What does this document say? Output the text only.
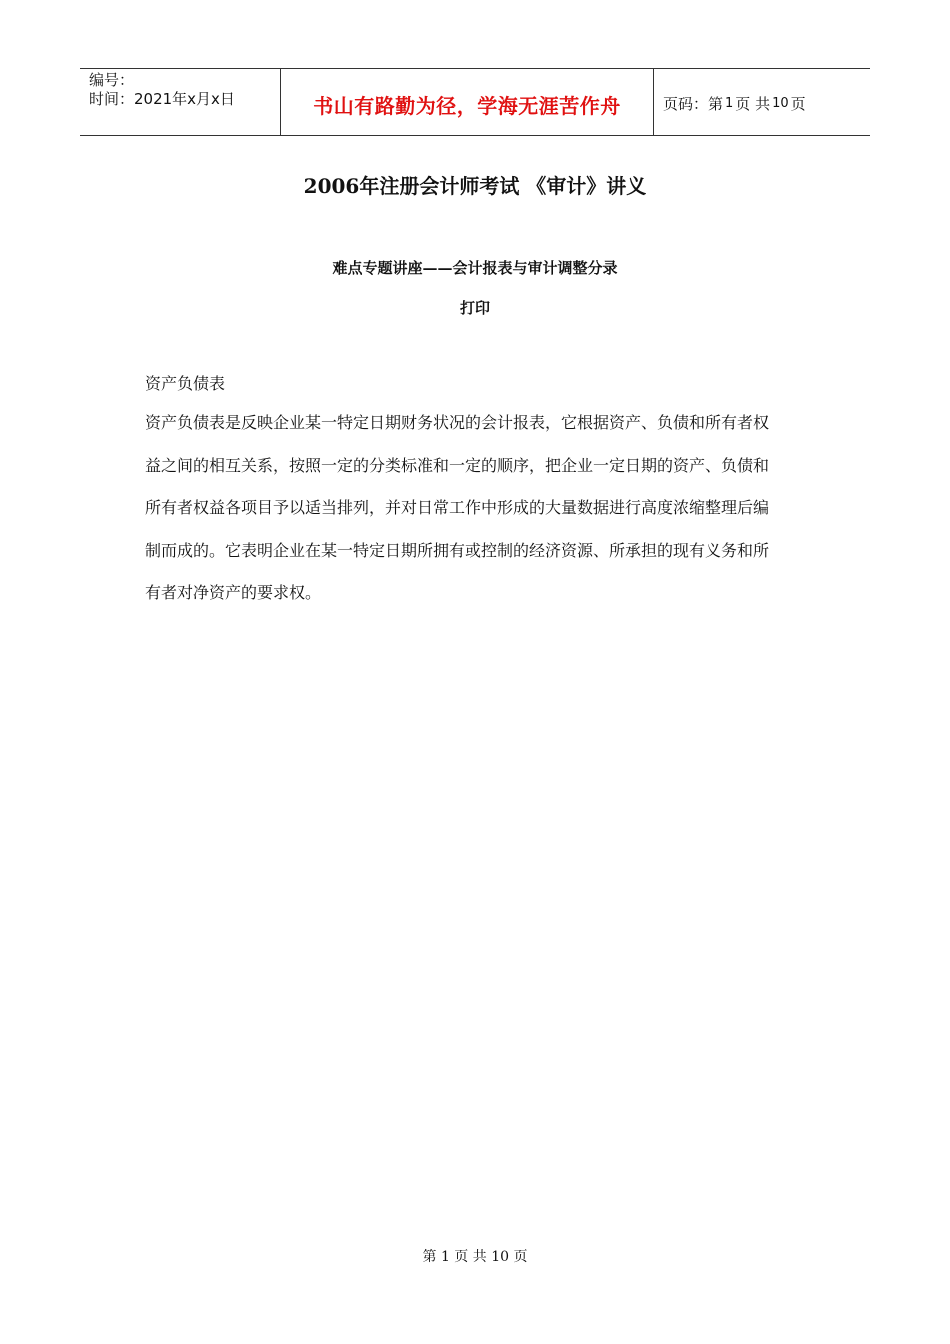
编号：
时间：2021年x月x日	书山有路勤为径，学海无涯苦作舟	页码：第 1 页 共 10 页
2006年注册会计师考试 《审计》讲义
难点专题讲座——会计报表与审计调整分录
打印
资产负债表
资产负债表是反映企业某一特定日期财务状况的会计报表，它根据资产、负债和所有者权
益之间的相互关系，按照一定的分类标准和一定的顺序，把企业一定日期的资产、负债和
所有者权益各项目予以适当排列，并对日常工作中形成的大量数据进行高度浓缩整理后编
制而成的。它表明企业在某一特定日期所拥有或控制的经济资源、所承担的现有义务和所
有者对净资产的要求权。
第 1 页 共 10 页
